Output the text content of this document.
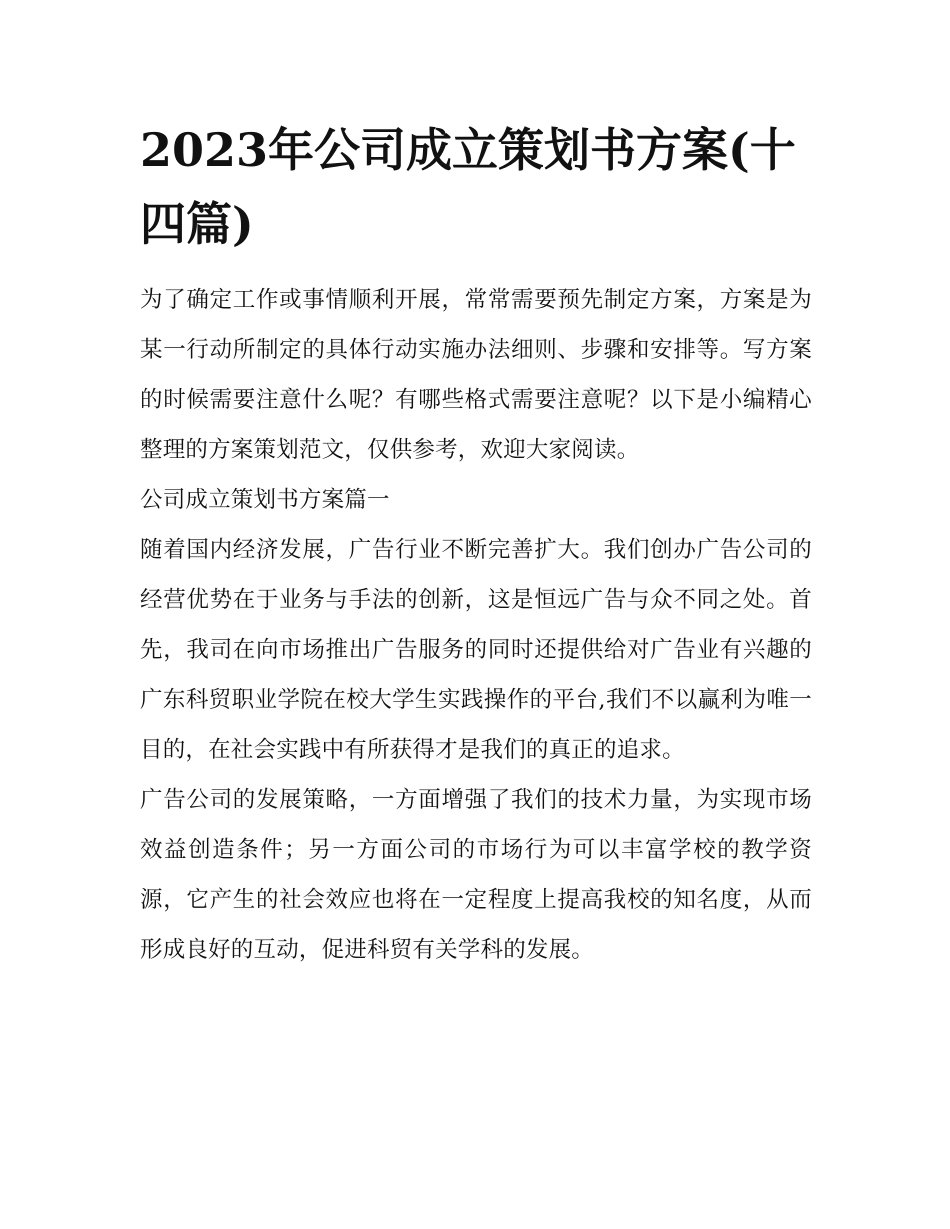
2023年公司成立策划书方案(十四篇)

为了确定工作或事情顺利开展，常常需要预先制定方案，方案是为某一行动所制定的具体行动实施办法细则、步骤和安排等。写方案的时候需要注意什么呢？有哪些格式需要注意呢？以下是小编精心整理的方案策划范文，仅供参考，欢迎大家阅读。

公司成立策划书方案篇一

随着国内经济发展，广告行业不断完善扩大。我们创办广告公司的经营优势在于业务与手法的创新，这是恒远广告与众不同之处。首先，我司在向市场推出广告服务的同时还提供给对广告业有兴趣的广东科贸职业学院在校大学生实践操作的平台,我们不以赢利为唯一目的，在社会实践中有所获得才是我们的真正的追求。

广告公司的发展策略，一方面增强了我们的技术力量，为实现市场效益创造条件；另一方面公司的市场行为可以丰富学校的教学资源，它产生的社会效应也将在一定程度上提高我校的知名度，从而形成良好的互动，促进科贸有关学科的发展。
